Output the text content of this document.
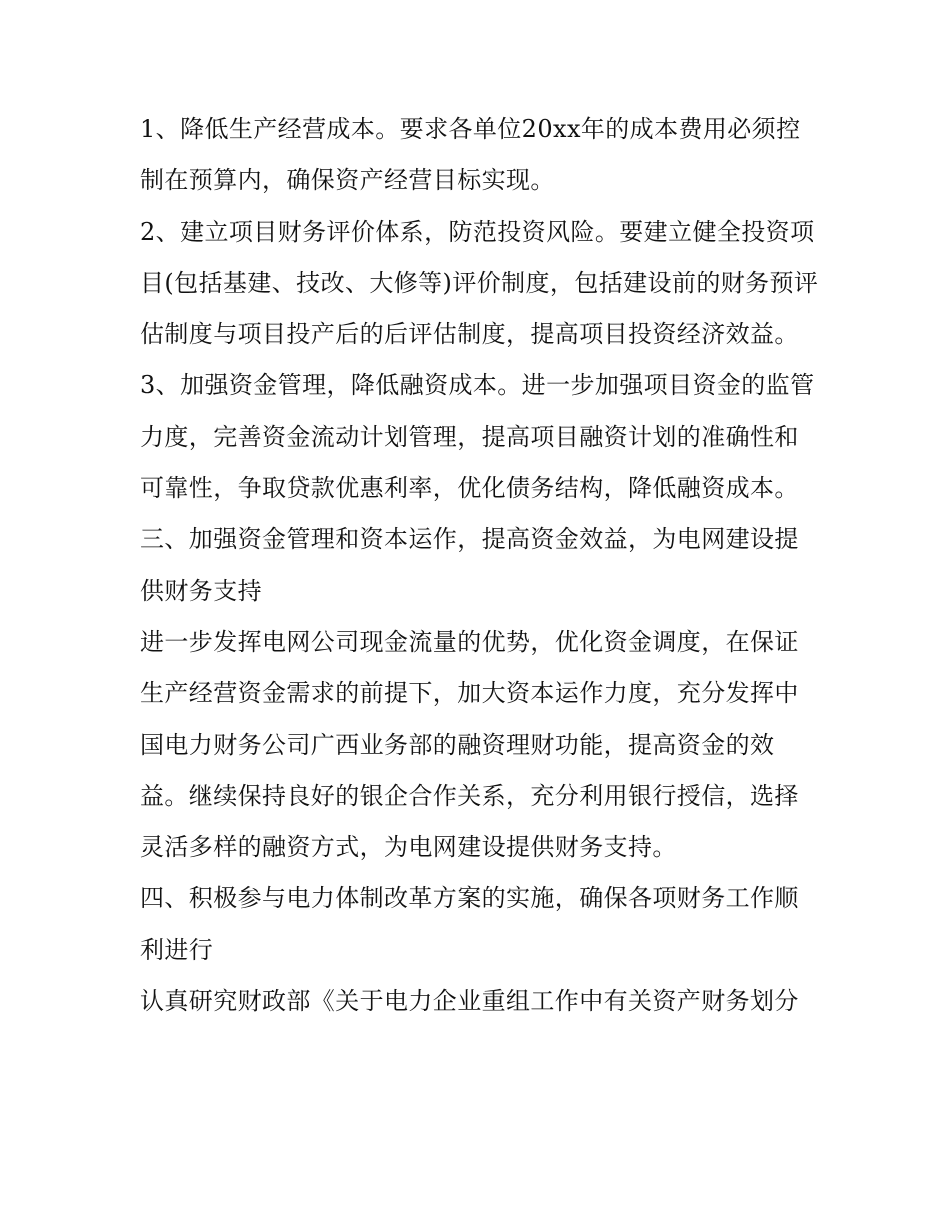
1、降低生产经营成本。要求各单位20xx年的成本费用必须控制在预算内，确保资产经营目标实现。

2、建立项目财务评价体系，防范投资风险。要建立健全投资项目(包括基建、技改、大修等)评价制度，包括建设前的财务预评估制度与项目投产后的后评估制度，提高项目投资经济效益。

3、加强资金管理，降低融资成本。进一步加强项目资金的监管力度，完善资金流动计划管理，提高项目融资计划的准确性和可靠性，争取贷款优惠利率，优化债务结构，降低融资成本。

三、加强资金管理和资本运作，提高资金效益，为电网建设提供财务支持

进一步发挥电网公司现金流量的优势，优化资金调度，在保证生产经营资金需求的前提下，加大资本运作力度，充分发挥中国电力财务公司广西业务部的融资理财功能，提高资金的效益。继续保持良好的银企合作关系，充分利用银行授信，选择灵活多样的融资方式，为电网建设提供财务支持。

四、积极参与电力体制改革方案的实施，确保各项财务工作顺利进行

认真研究财政部《关于电力企业重组工作中有关资产财务划分
